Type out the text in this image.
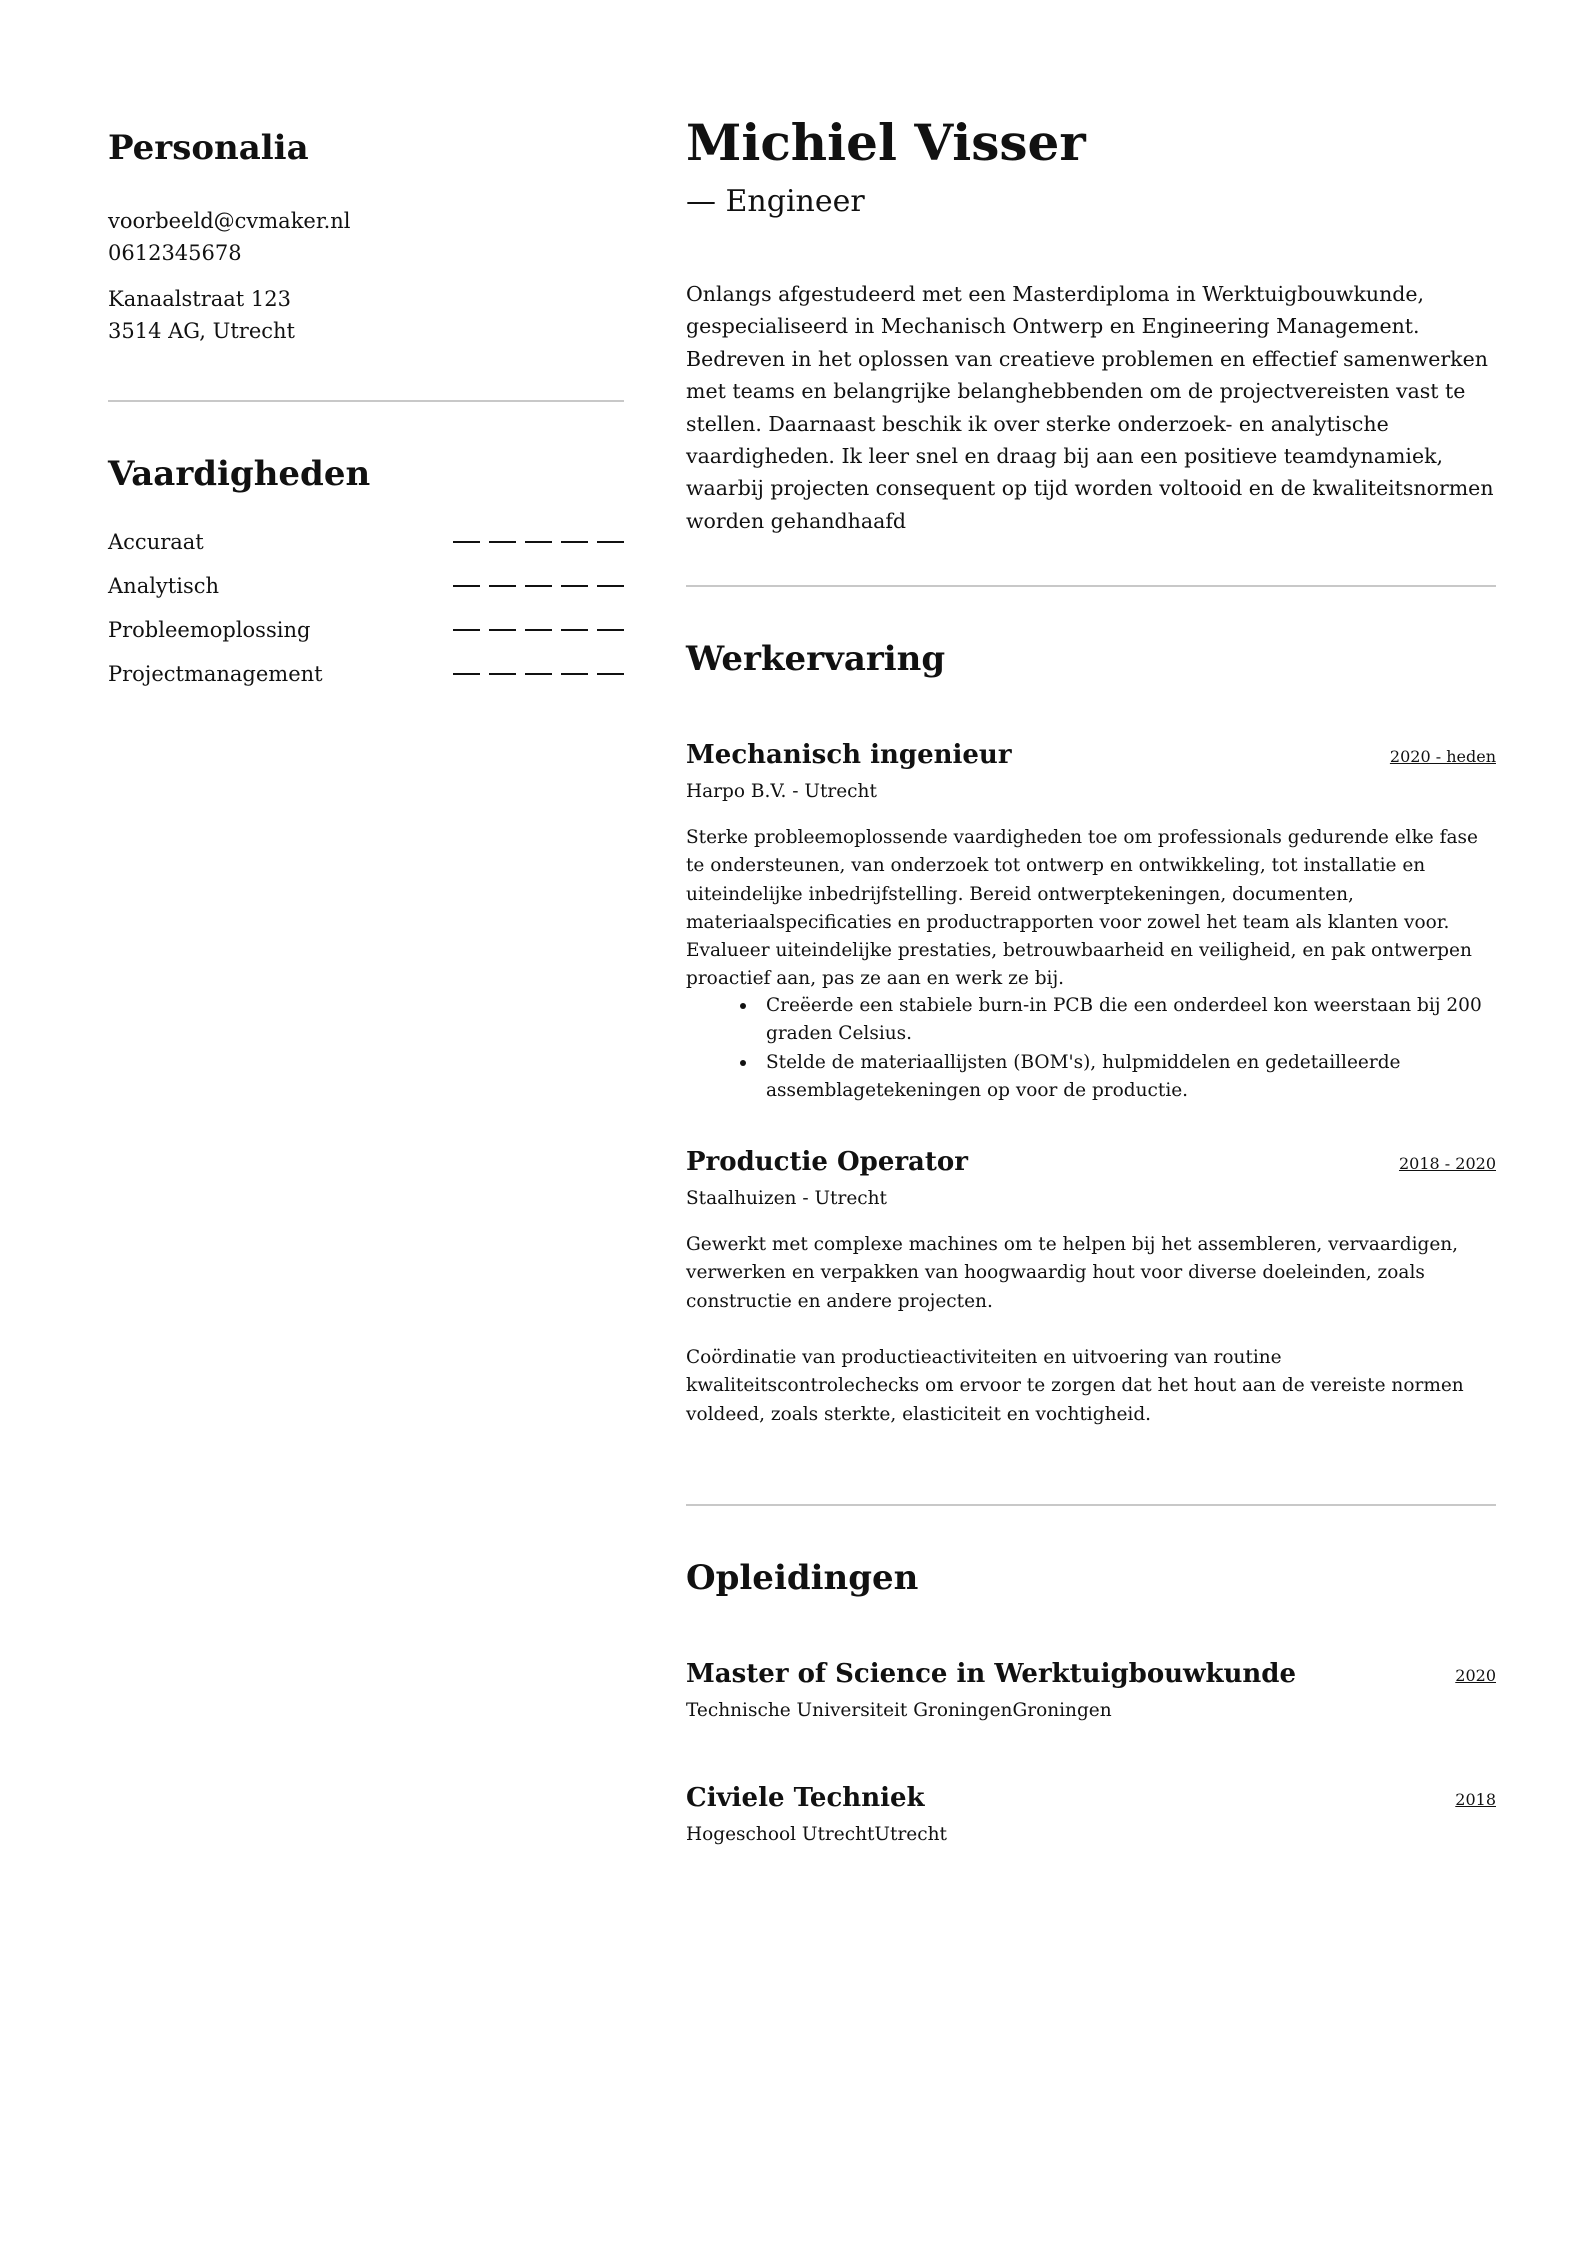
Personalia
voorbeeld@cvmaker.nl
0612345678
Kanaalstraat 123
3514 AG, Utrecht
Vaardigheden
Accuraat
Analytisch
Probleemoplossing
Projectmanagement
Michiel Visser
— Engineer

Onlangs afgestudeerd met een Masterdiploma in Werktuigbouwkunde, gespecialiseerd in Mechanisch Ontwerp en Engineering Management. Bedreven in het oplossen van creatieve problemen en effectief samenwerken met teams en belangrijke belanghebbenden om de projectvereisten vast te stellen. Daarnaast beschik ik over sterke onderzoek- en analytische vaardigheden. Ik leer snel en draag bij aan een positieve teamdynamiek, waarbij projecten consequent op tijd worden voltooid en de kwaliteitsnormen worden gehandhaafd

Werkervaring
Mechanisch ingenieur	2020 - heden
Harpo B.V. - Utrecht

Sterke probleemoplossende vaardigheden toe om professionals gedurende elke fase te ondersteunen, van onderzoek tot ontwerp en ontwikkeling, tot installatie en uiteindelijke inbedrijfstelling. Bereid ontwerptekeningen, documenten, materiaalspecificaties en productrapporten voor zowel het team als klanten voor. Evalueer uiteindelijke prestaties, betrouwbaarheid en veiligheid, en pak ontwerpen proactief aan, pas ze aan en werk ze bij.

Creëerde een stabiele burn-in PCB die een onderdeel kon weerstaan bij 200 graden Celsius.
Stelde de materiaallijsten (BOM's), hulpmiddelen en gedetailleerde assemblagetekeningen op voor de productie.
Productie Operator	2018 - 2020
Staalhuizen - Utrecht

Gewerkt met complexe machines om te helpen bij het assembleren, vervaardigen, verwerken en verpakken van hoogwaardig hout voor diverse doeleinden, zoals constructie en andere projecten.

Coördinatie van productieactiviteiten en uitvoering van routine kwaliteitscontrolechecks om ervoor te zorgen dat het hout aan de vereiste normen voldeed, zoals sterkte, elasticiteit en vochtigheid.

Opleidingen
Master of Science in Werktuigbouwkunde	2020
Technische Universiteit GroningenGroningen
Civiele Techniek	2018
Hogeschool UtrechtUtrecht
